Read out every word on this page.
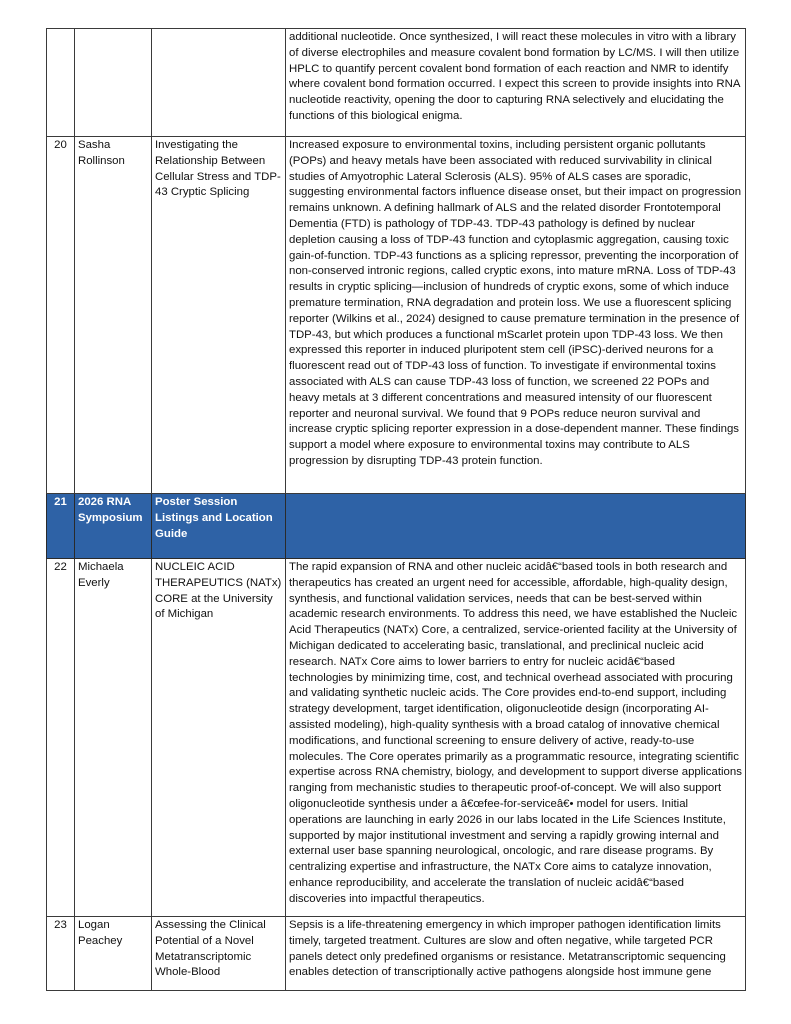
			additional nucleotide. Once synthesized, I will react these molecules in vitro with a library of diverse electrophiles and measure covalent bond formation by LC/MS. I will then utilize HPLC to quantify percent covalent bond formation of each reaction and NMR to identify where covalent bond formation occurred. I expect this screen to provide insights into RNA nucleotide reactivity, opening the door to capturing RNA selectively and elucidating the functions of this biological enigma.
20	Sasha Rollinson	Investigating the Relationship Between Cellular Stress and TDP-43 Cryptic Splicing	Increased exposure to environmental toxins, including persistent organic pollutants (POPs) and heavy metals have been associated with reduced survivability in clinical studies of Amyotrophic Lateral Sclerosis (ALS). 95% of ALS cases are sporadic, suggesting environmental factors influence disease onset, but their impact on progression remains unknown. A defining hallmark of ALS and the related disorder Frontotemporal Dementia (FTD) is pathology of TDP-43. TDP-43 pathology is defined by nuclear depletion causing a loss of TDP-43 function and cytoplasmic aggregation, causing toxic gain-of-function. TDP-43 functions as a splicing repressor, preventing the incorporation of non-conserved intronic regions, called cryptic exons, into mature mRNA. Loss of TDP-43 results in cryptic splicing—inclusion of hundreds of cryptic exons, some of which induce premature termination, RNA degradation and protein loss. We use a fluorescent splicing reporter (Wilkins et al., 2024) designed to cause premature termination in the presence of TDP-43, but which produces a functional mScarlet protein upon TDP-43 loss. We then expressed this reporter in induced pluripotent stem cell (iPSC)-derived neurons for a fluorescent read out of TDP-43 loss of function. To investigate if environmental toxins associated with ALS can cause TDP-43 loss of function, we screened 22 POPs and heavy metals at 3 different concentrations and measured intensity of our fluorescent reporter and neuronal survival. We found that 9 POPs reduce neuron survival and increase cryptic splicing reporter expression in a dose-dependent manner. These findings support a model where exposure to environmental toxins may contribute to ALS progression by disrupting TDP-43 protein function.
21	2026 RNA Symposium	Poster Session Listings and Location Guide	
22	Michaela Everly	NUCLEIC ACID THERAPEUTICS (NATx) CORE at the University of Michigan	The rapid expansion of RNA and other nucleic acidâ€“based tools in both research and therapeutics has created an urgent need for accessible, affordable, high-quality design, synthesis, and functional validation services, needs that can be best-served within academic research environments. To address this need, we have established the Nucleic Acid Therapeutics (NATx) Core, a centralized, service-oriented facility at the University of Michigan dedicated to accelerating basic, translational, and preclinical nucleic acid research. NATx Core aims to lower barriers to entry for nucleic acidâ€“based technologies by minimizing time, cost, and technical overhead associated with procuring and validating synthetic nucleic acids. The Core provides end-to-end support, including strategy development, target identification, oligonucleotide design (incorporating AI-assisted modeling), high-quality synthesis with a broad catalog of innovative chemical modifications, and functional screening to ensure delivery of active, ready-to-use molecules. The Core operates primarily as a programmatic resource, integrating scientific expertise across RNA chemistry, biology, and development to support diverse applications ranging from mechanistic studies to therapeutic proof-of-concept. We will also support oligonucleotide synthesis under a â€œfee-for-serviceâ€• model for users. Initial operations are launching in early 2026 in our labs located in the Life Sciences Institute, supported by major institutional investment and serving a rapidly growing internal and external user base spanning neurological, oncologic, and rare disease programs. By centralizing expertise and infrastructure, the NATx Core aims to catalyze innovation, enhance reproducibility, and accelerate the translation of nucleic acidâ€“based discoveries into impactful therapeutics.
23	Logan Peachey	Assessing the Clinical Potential of a Novel Metatranscriptomic Whole-Blood	Sepsis is a life-threatening emergency in which improper pathogen identification limits timely, targeted treatment. Cultures are slow and often negative, while targeted PCR panels detect only predefined organisms or resistance. Metatranscriptomic sequencing enables detection of transcriptionally active pathogens alongside host immune gene
